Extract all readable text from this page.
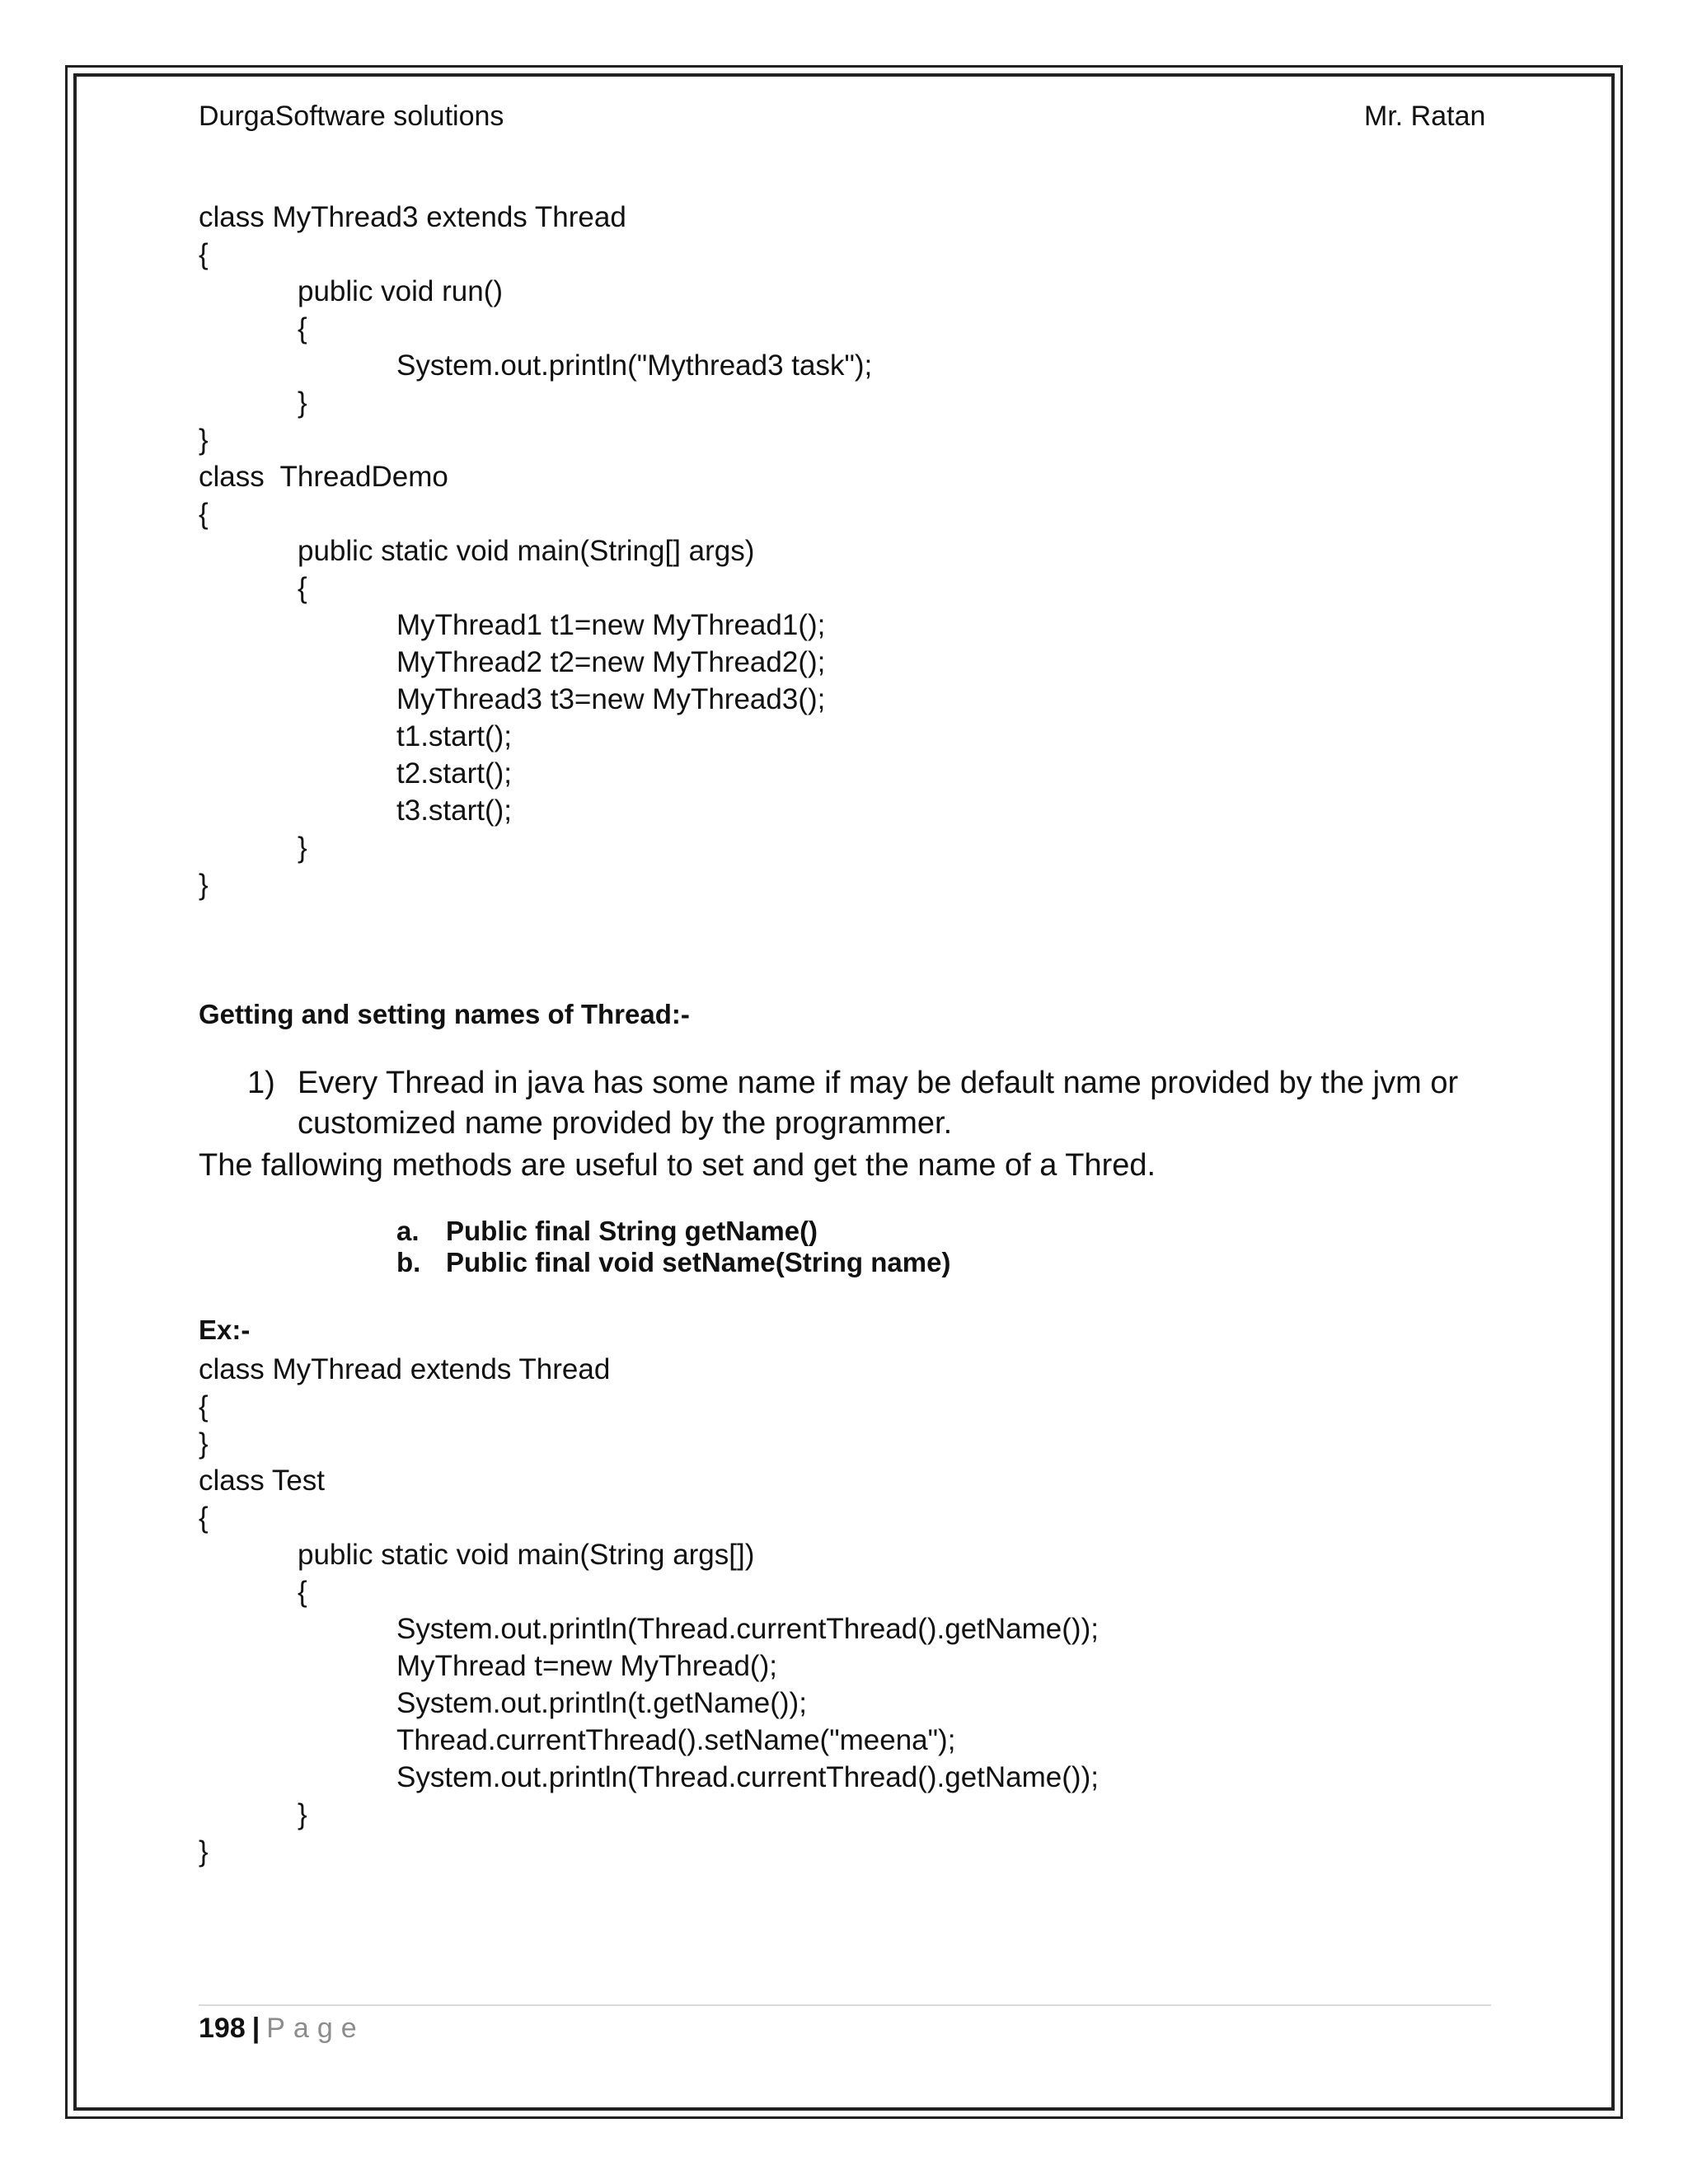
DurgaSoftware solutions	Mr. Ratan
class MyThread3 extends Thread
{
public void run()
{
System.out.println("Mythread3 task");
}
}
class  ThreadDemo
{
public static void main(String[] args)
{
MyThread1 t1=new MyThread1();
MyThread2 t2=new MyThread2();
MyThread3 t3=new MyThread3();
t1.start();
t2.start();
t3.start();
}
}
Getting and setting names of Thread:-
1) Every Thread in java has some name if may be default name provided by the jvm or customized name provided by the programmer.
The fallowing methods are useful to set and get the name of a Thred.
a. Public final String getName()
b. Public final void setName(String name)
Ex:-
class MyThread extends Thread
{
}
class Test
{
public static void main(String args[])
{
System.out.println(Thread.currentThread().getName());
MyThread t=new MyThread();
System.out.println(t.getName());
Thread.currentThread().setName("meena");
System.out.println(Thread.currentThread().getName());
}
}
198 | Page
